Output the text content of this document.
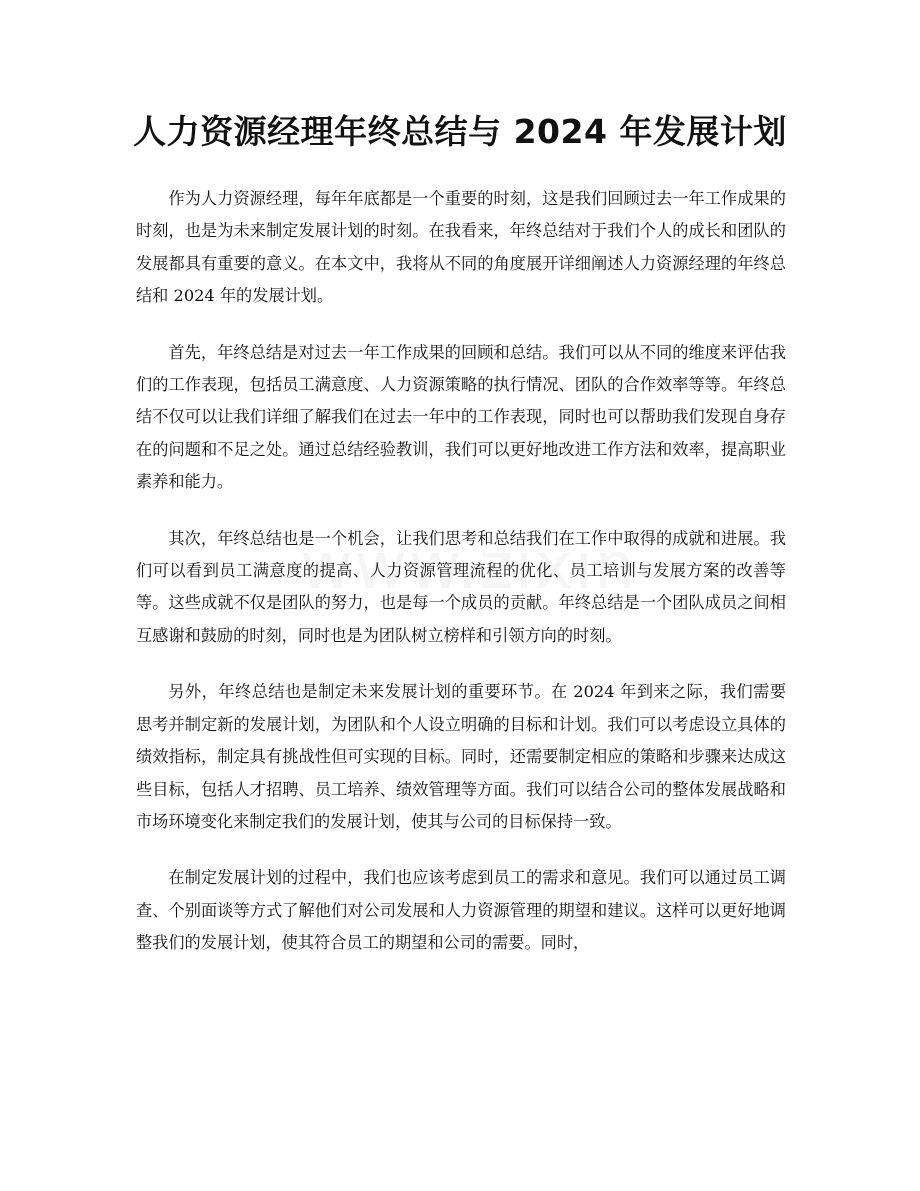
人力资源经理年终总结与 2024 年发展计划

作为人力资源经理，每年年底都是一个重要的时刻，这是我们回顾过去一年工作成果的时刻，也是为未来制定发展计划的时刻。在我看来，年终总结对于我们个人的成长和团队的发展都具有重要的意义。在本文中，我将从不同的角度展开详细阐述人力资源经理的年终总结和 2024 年的发展计划。

首先，年终总结是对过去一年工作成果的回顾和总结。我们可以从不同的维度来评估我们的工作表现，包括员工满意度、人力资源策略的执行情况、团队的合作效率等等。年终总结不仅可以让我们详细了解我们在过去一年中的工作表现，同时也可以帮助我们发现自身存在的问题和不足之处。通过总结经验教训，我们可以更好地改进工作方法和效率，提高职业素养和能力。

其次，年终总结也是一个机会，让我们思考和总结我们在工作中取得的成就和进展。我们可以看到员工满意度的提高、人力资源管理流程的优化、员工培训与发展方案的改善等等。这些成就不仅是团队的努力，也是每一个成员的贡献。年终总结是一个团队成员之间相互感谢和鼓励的时刻，同时也是为团队树立榜样和引领方向的时刻。

另外，年终总结也是制定未来发展计划的重要环节。在 2024 年到来之际，我们需要思考并制定新的发展计划，为团队和个人设立明确的目标和计划。我们可以考虑设立具体的绩效指标，制定具有挑战性但可实现的目标。同时，还需要制定相应的策略和步骤来达成这些目标，包括人才招聘、员工培养、绩效管理等方面。我们可以结合公司的整体发展战略和市场环境变化来制定我们的发展计划，使其与公司的目标保持一致。

在制定发展计划的过程中，我们也应该考虑到员工的需求和意见。我们可以通过员工调查、个别面谈等方式了解他们对公司发展和人力资源管理的期望和建议。这样可以更好地调整我们的发展计划，使其符合员工的期望和公司的需要。同时，
